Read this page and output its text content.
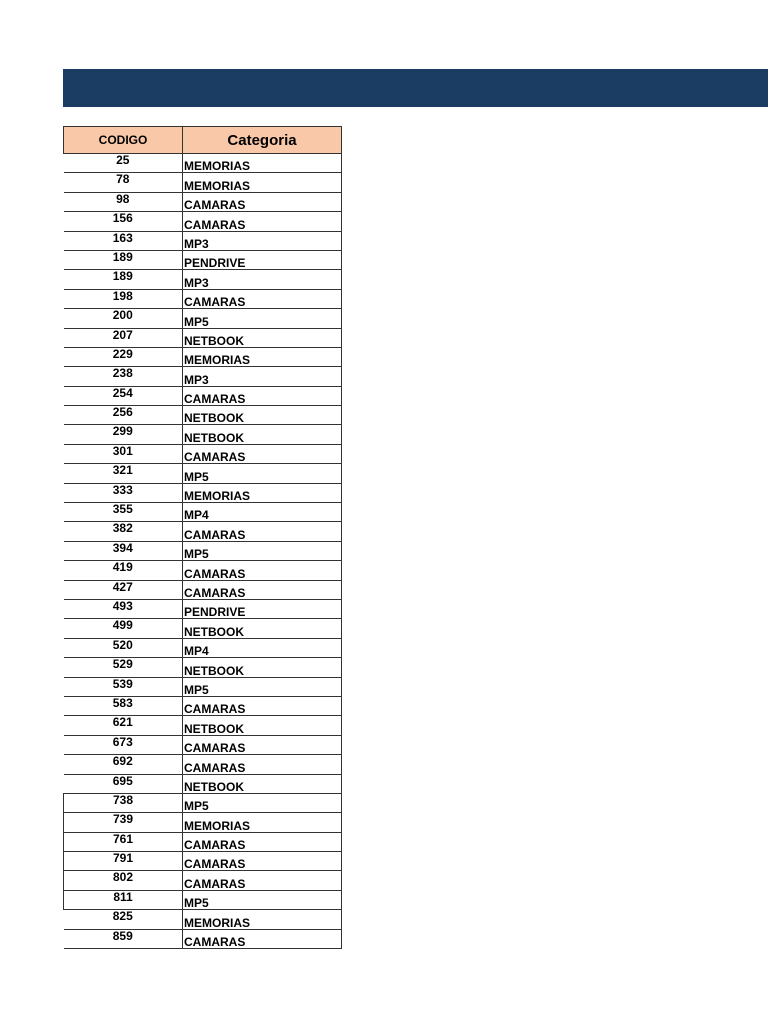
CODIGO	Categoria
25	MEMORIAS
78	MEMORIAS
98	CAMARAS
156	CAMARAS
163	MP3
189	PENDRIVE
189	MP3
198	CAMARAS
200	MP5
207	NETBOOK
229	MEMORIAS
238	MP3
254	CAMARAS
256	NETBOOK
299	NETBOOK
301	CAMARAS
321	MP5
333	MEMORIAS
355	MP4
382	CAMARAS
394	MP5
419	CAMARAS
427	CAMARAS
493	PENDRIVE
499	NETBOOK
520	MP4
529	NETBOOK
539	MP5
583	CAMARAS
621	NETBOOK
673	CAMARAS
692	CAMARAS
695	NETBOOK
738	MP5
739	MEMORIAS
761	CAMARAS
791	CAMARAS
802	CAMARAS
811	MP5
825	MEMORIAS
859	CAMARAS
